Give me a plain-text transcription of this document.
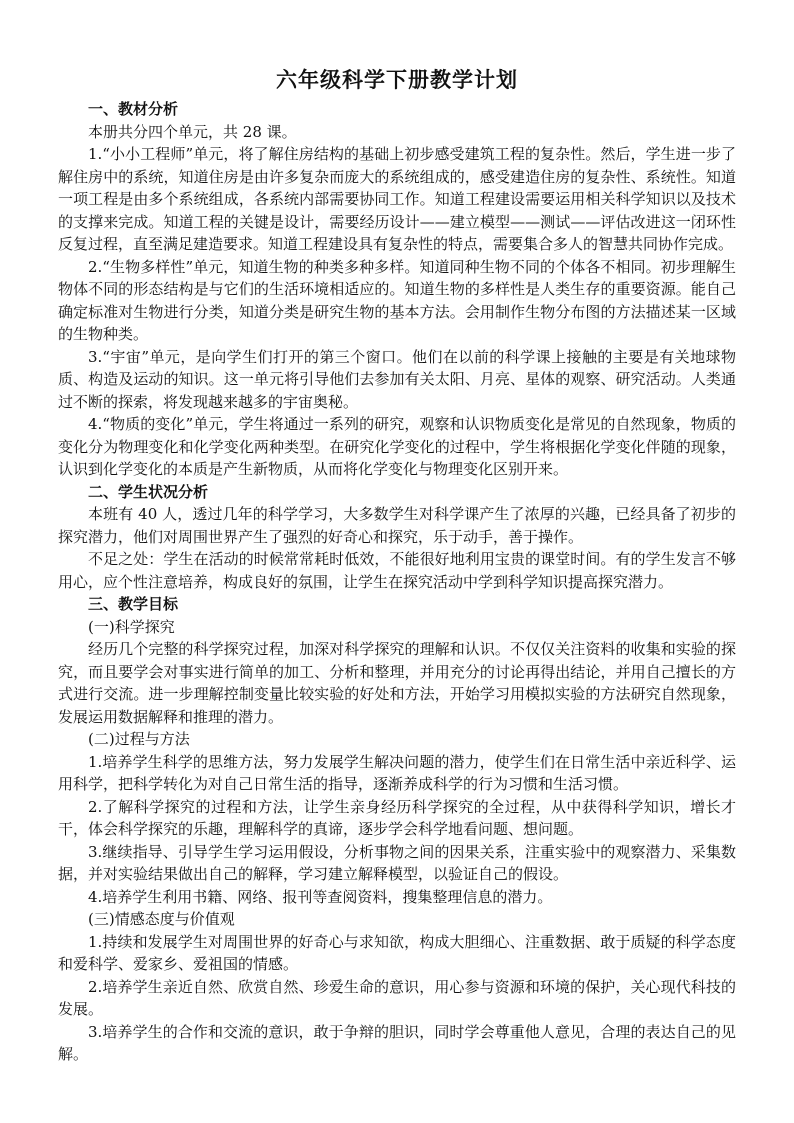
六年级科学下册教学计划
一、教材分析
本册共分四个单元，共 28 课。
1.“小小工程师”单元，将了解住房结构的基础上初步感受建筑工程的复杂性。然后，学生进一步了解住房中的系统，知道住房是由许多复杂而庞大的系统组成的，感受建造住房的复杂性、系统性。知道一项工程是由多个系统组成，各系统内部需要协同工作。知道工程建设需要运用相关科学知识以及技术的支撑来完成。知道工程的关键是设计，需要经历设计——建立模型——测试——评估改进这一闭环性反复过程，直至满足建造要求。知道工程建设具有复杂性的特点，需要集合多人的智慧共同协作完成。
2.“生物多样性”单元，知道生物的种类多种多样。知道同种生物不同的个体各不相同。初步理解生物体不同的形态结构是与它们的生活环境相适应的。知道生物的多样性是人类生存的重要资源。能自己确定标准对生物进行分类，知道分类是研究生物的基本方法。会用制作生物分布图的方法描述某一区域的生物种类。
3.“宇宙”单元，是向学生们打开的第三个窗口。他们在以前的科学课上接触的主要是有关地球物质、构造及运动的知识。这一单元将引导他们去参加有关太阳、月亮、星体的观察、研究活动。人类通过不断的探索，将发现越来越多的宇宙奥秘。
4.“物质的变化”单元，学生将通过一系列的研究，观察和认识物质变化是常见的自然现象，物质的变化分为物理变化和化学变化两种类型。在研究化学变化的过程中，学生将根据化学变化伴随的现象，认识到化学变化的本质是产生新物质，从而将化学变化与物理变化区别开来。
二、学生状况分析
本班有 40 人，透过几年的科学学习，大多数学生对科学课产生了浓厚的兴趣，已经具备了初步的探究潜力，他们对周围世界产生了强烈的好奇心和探究，乐于动手，善于操作。
不足之处：学生在活动的时候常常耗时低效，不能很好地利用宝贵的课堂时间。有的学生发言不够用心，应个性注意培养，构成良好的氛围，让学生在探究活动中学到科学知识提高探究潜力。
三、教学目标
(一)科学探究
经历几个完整的科学探究过程，加深对科学探究的理解和认识。不仅仅关注资料的收集和实验的探究，而且要学会对事实进行简单的加工、分析和整理，并用充分的讨论再得出结论，并用自己擅长的方式进行交流。进一步理解控制变量比较实验的好处和方法，开始学习用模拟实验的方法研究自然现象，发展运用数据解释和推理的潜力。
(二)过程与方法
1.培养学生科学的思维方法，努力发展学生解决问题的潜力，使学生们在日常生活中亲近科学、运用科学，把科学转化为对自己日常生活的指导，逐渐养成科学的行为习惯和生活习惯。
2.了解科学探究的过程和方法，让学生亲身经历科学探究的全过程，从中获得科学知识，增长才干，体会科学探究的乐趣，理解科学的真谛，逐步学会科学地看问题、想问题。
3.继续指导、引导学生学习运用假设，分析事物之间的因果关系，注重实验中的观察潜力、采集数据，并对实验结果做出自己的解释，学习建立解释模型，以验证自己的假设。
4.培养学生利用书籍、网络、报刊等查阅资料，搜集整理信息的潜力。
(三)情感态度与价值观
1.持续和发展学生对周围世界的好奇心与求知欲，构成大胆细心、注重数据、敢于质疑的科学态度和爱科学、爱家乡、爱祖国的情感。
2.培养学生亲近自然、欣赏自然、珍爱生命的意识，用心参与资源和环境的保护，关心现代科技的发展。
3.培养学生的合作和交流的意识，敢于争辩的胆识，同时学会尊重他人意见，合理的表达自己的见解。
